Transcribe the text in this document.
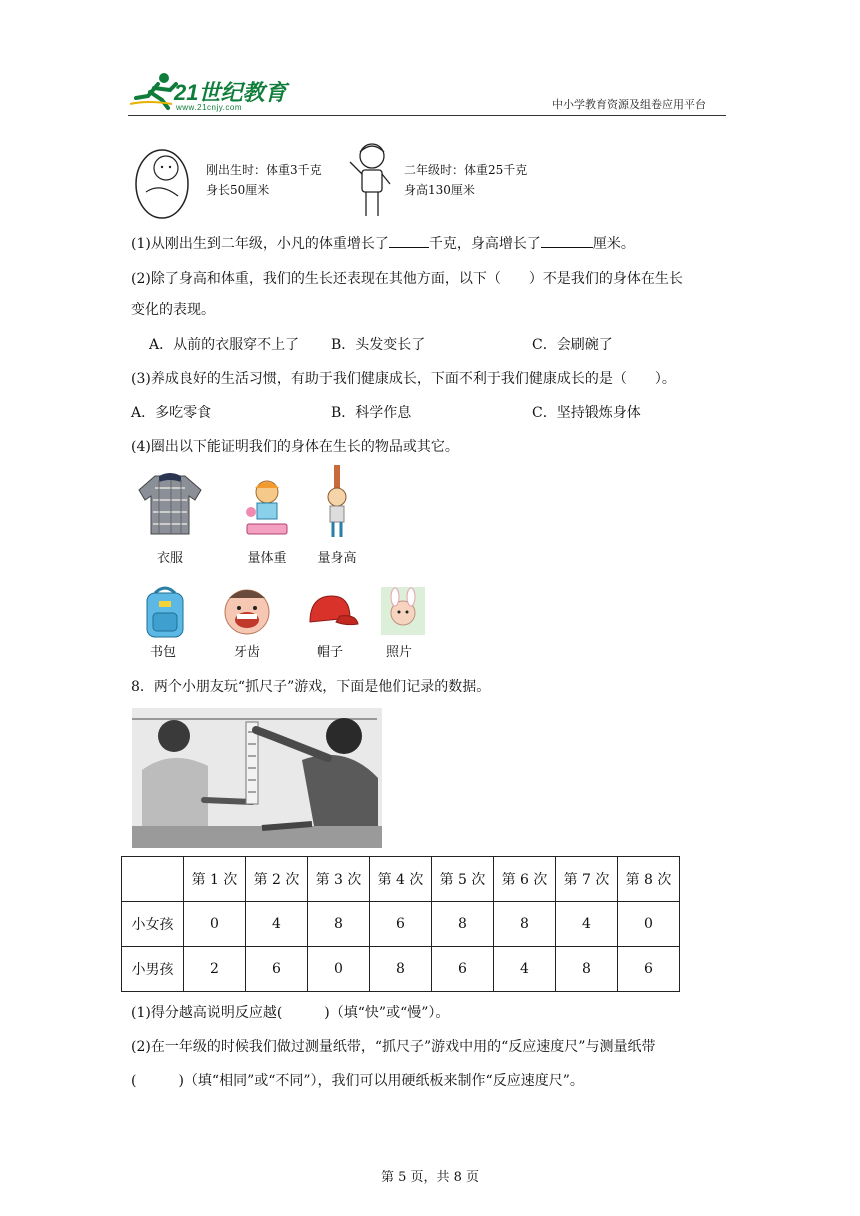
21世纪教育
www.21cnjy.com	中小学教育资源及组卷应用平台
刚出生时：体重3千克
身长50厘米
二年级时：体重25千克
身高130厘米
(1)从刚出生到二年级，小凡的体重增长了	千克，身高增长了	厘米。
(2)除了身高和体重，我们的生长还表现在其他方面，以下（　　）不是我们的身体在生长
变化的表现。
A．从前的衣服穿不上了 B．头发变长了	C．会刷碗了
(3)养成良好的生活习惯，有助于我们健康成长，下面不利于我们健康成长的是（　　）。
A．多吃零食	B．科学作息	C．坚持锻炼身体
(4)圈出以下能证明我们的身体在生长的物品或其它。
衣服	量体重	量身高
书包	牙齿	帽子	照片
8．两个小朋友玩“抓尺子”游戏，下面是他们记录的数据。
	第 1 次	第 2 次	第 3 次	第 4 次	第 5 次	第 6 次	第 7 次	第 8 次
小女孩	0	4	8	6	8	8	4	0
小男孩	2	6	0	8	6	4	8	6
(1)得分越高说明反应越(　　　)（填“快”或“慢”）。
(2)在一年级的时候我们做过测量纸带，“抓尺子”游戏中用的“反应速度尺”与测量纸带
(　　　)（填“相同”或“不同”），我们可以用硬纸板来制作“反应速度尺”。
第 5 页，共 8 页
